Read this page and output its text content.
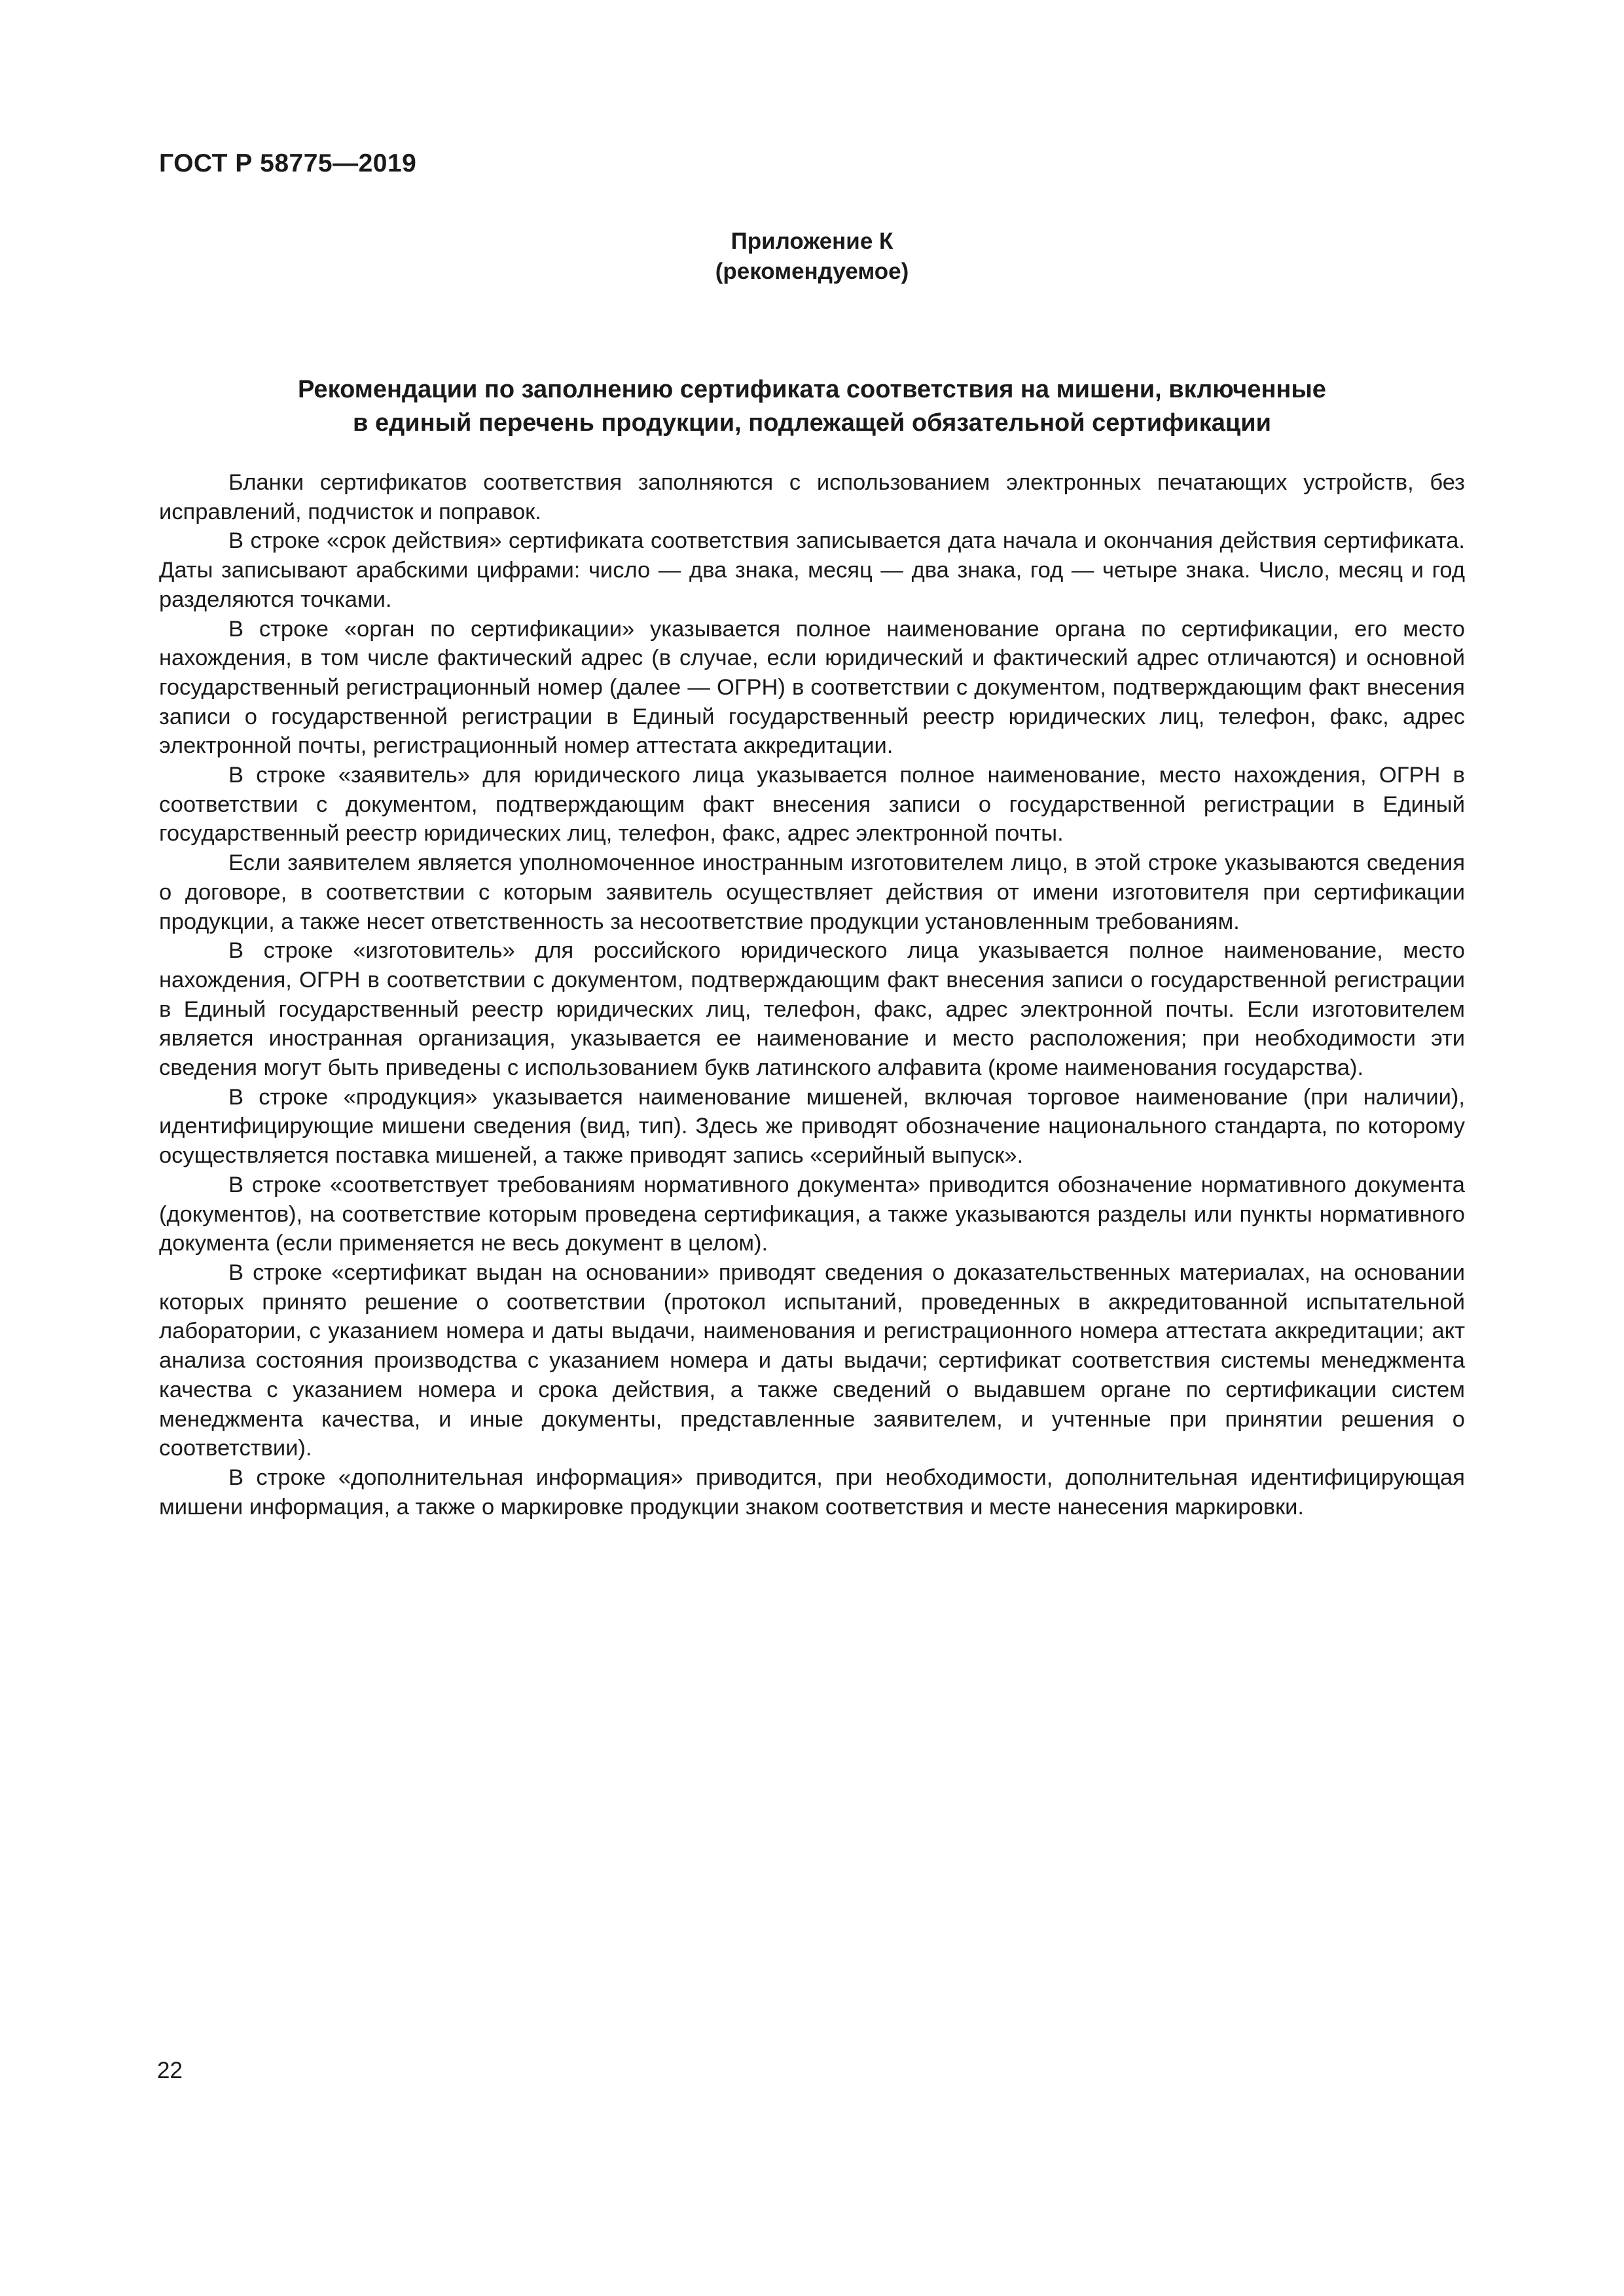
ГОСТ Р 58775—2019
Приложение К
(рекомендуемое)
Рекомендации по заполнению сертификата соответствия на мишени, включенные
в единый перечень продукции, подлежащей обязательной сертификации

Бланки сертификатов соответствия заполняются с использованием электронных печатающих устройств, без исправлений, подчисток и поправок.

В строке «срок действия» сертификата соответствия записывается дата начала и окончания действия сертификата. Даты записывают арабскими цифрами: число — два знака, месяц — два знака, год — четыре знака. Число, месяц и год разделяются точками.

В строке «орган по сертификации» указывается полное наименование органа по сертификации, его место нахождения, в том числе фактический адрес (в случае, если юридический и фактический адрес отличаются) и основной государственный регистрационный номер (далее — ОГРН) в соответствии с документом, подтверждающим факт внесения записи о государственной регистрации в Единый государственный реестр юридических лиц, телефон, факс, адрес электронной почты, регистрационный номер аттестата аккредитации.

В строке «заявитель» для юридического лица указывается полное наименование, место нахождения, ОГРН в соответствии с документом, подтверждающим факт внесения записи о государственной регистрации в Единый государственный реестр юридических лиц, телефон, факс, адрес электронной почты.

Если заявителем является уполномоченное иностранным изготовителем лицо, в этой строке указываются сведения о договоре, в соответствии с которым заявитель осуществляет действия от имени изготовителя при сертификации продукции, а также несет ответственность за несоответствие продукции установленным требованиям.

В строке «изготовитель» для российского юридического лица указывается полное наименование, место нахождения, ОГРН в соответствии с документом, подтверждающим факт внесения записи о государственной регистрации в Единый государственный реестр юридических лиц, телефон, факс, адрес электронной почты. Если изготовителем является иностранная организация, указывается ее наименование и место расположения; при необходимости эти сведения могут быть приведены с использованием букв латинского алфавита (кроме наименования государства).

В строке «продукция» указывается наименование мишеней, включая торговое наименование (при наличии), идентифицирующие мишени сведения (вид, тип). Здесь же приводят обозначение национального стандарта, по которому осуществляется поставка мишеней, а также приводят запись «серийный выпуск».

В строке «соответствует требованиям нормативного документа» приводится обозначение нормативного документа (документов), на соответствие которым проведена сертификация, а также указываются разделы или пункты нормативного документа (если применяется не весь документ в целом).

В строке «сертификат выдан на основании» приводят сведения о доказательственных материалах, на основании которых принято решение о соответствии (протокол испытаний, проведенных в аккредитованной испытательной лаборатории, с указанием номера и даты выдачи, наименования и регистрационного номера аттестата аккредитации; акт анализа состояния производства с указанием номера и даты выдачи; сертификат соответствия системы менеджмента качества с указанием номера и срока действия, а также сведений о выдавшем органе по сертификации систем менеджмента качества, и иные документы, представленные заявителем, и учтенные при принятии решения о соответствии).

В строке «дополнительная информация» приводится, при необходимости, дополнительная идентифицирующая мишени информация, а также о маркировке продукции знаком соответствия и месте нанесения маркировки.

22
